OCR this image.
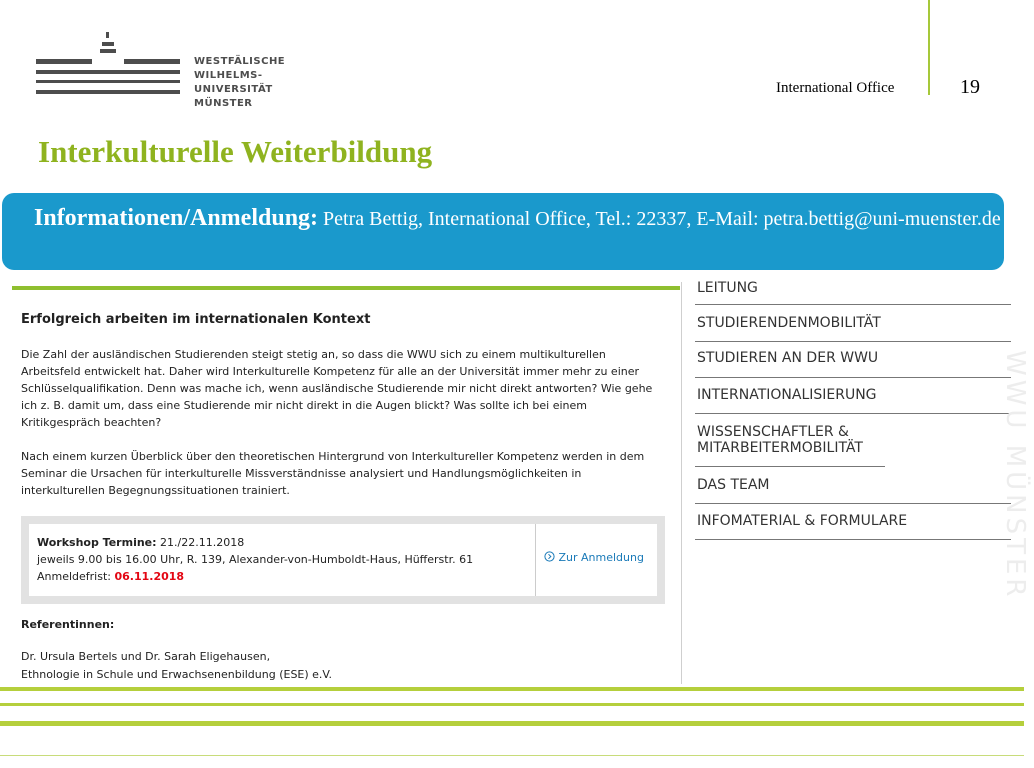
WESTFÄLISCHE
WILHELMS-UNIVERSITÄT
MÜNSTER
International Office	19
Interkulturelle Weiterbildung
Informationen/Anmeldung: Petra Bettig, International Office, Tel.: 22337, E-Mail: petra.bettig@uni-muenster.de
Erfolgreich arbeiten im internationalen Kontext

Die Zahl der ausländischen Studierenden steigt stetig an, so dass die WWU sich zu einem multikulturellen Arbeitsfeld entwickelt hat. Daher wird Interkulturelle Kompetenz für alle an der Universität immer mehr zu einer Schlüsselqualifikation. Denn was mache ich, wenn ausländische Studierende mir nicht direkt antworten? Wie gehe ich z. B. damit um, dass eine Studierende mir nicht direkt in die Augen blickt? Was sollte ich bei einem Kritikgespräch beachten?

Nach einem kurzen Überblick über den theoretischen Hintergrund von Interkultureller Kompetenz werden in dem Seminar die Ursachen für interkulturelle Missverständnisse analysiert und Handlungsmöglichkeiten in interkulturellen Begegnungssituationen trainiert.

Workshop Termine: 21./22.11.2018
jeweils 9.00 bis 16.00 Uhr, R. 139, Alexander-von-Humboldt-Haus, Hüfferstr. 61
Anmeldefrist: 06.11.2018
Zur Anmeldung
Referentinnen:
Dr. Ursula Bertels und Dr. Sarah Eligehausen,
Ethnologie in Schule und Erwachsenenbildung (ESE) e.V.
LEITUNG
STUDIERENDENMOBILITÄT
STUDIEREN AN DER WWU
INTERNATIONALISIERUNG
WISSENSCHAFTLER & MITARBEITERMOBILITÄT
DAS TEAM
INFOMATERIAL & FORMULARE	WWU MÜNSTER
